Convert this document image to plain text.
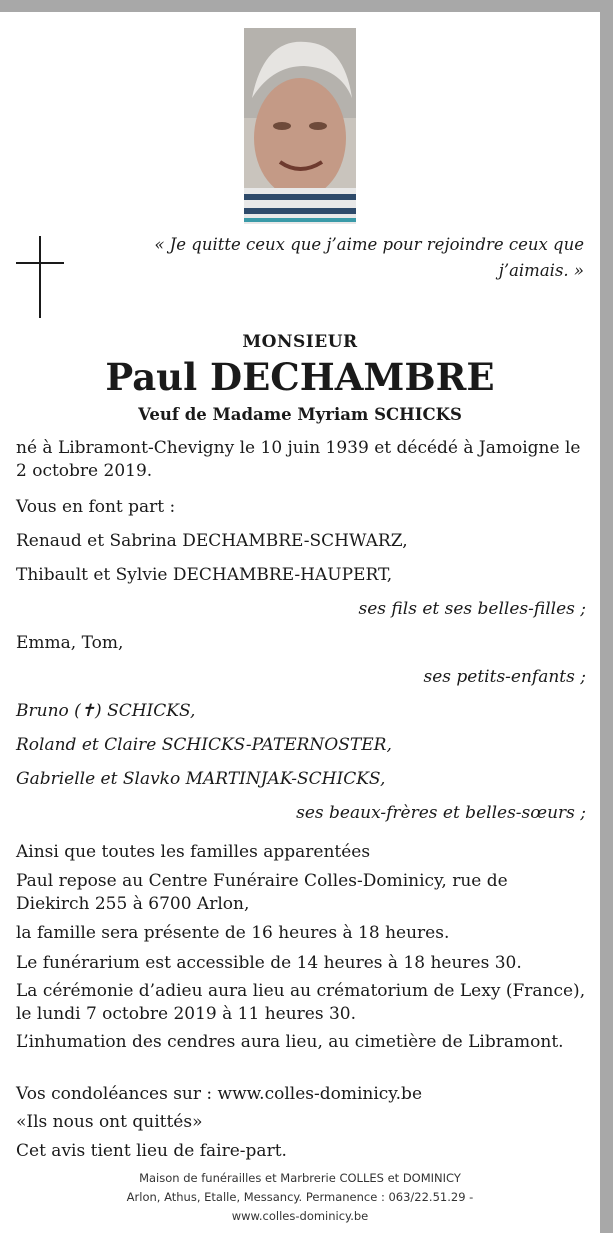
« Je quitte ceux que j’aime pour rejoindre ceux que j’aimais. »
MONSIEUR
Paul DECHAMBRE
Veuf de Madame Myriam SCHICKS
né à Libramont-Chevigny le 10 juin 1939 et décédé à Jamoigne le 2 octobre 2019.
Vous en font part :
Renaud et Sabrina DECHAMBRE-SCHWARZ,
Thibault et Sylvie DECHAMBRE-HAUPERT,
ses fils et ses belles-filles ;
Emma, Tom,
ses petits-enfants ;
Bruno (✝) SCHICKS,
Roland et Claire SCHICKS-PATERNOSTER,
Gabrielle et Slavko MARTINJAK-SCHICKS,
ses beaux-frères et belles-sœurs ;
Ainsi que toutes les familles apparentées
Paul repose au Centre Funéraire Colles-Dominicy, rue de Diekirch 255 à 6700 Arlon,
la famille sera présente de 16 heures à 18 heures.
Le funérarium est accessible de 14 heures à 18 heures 30.
La cérémonie d’adieu aura lieu au crématorium de Lexy (France), le lundi 7 octobre 2019 à 11 heures 30.
L’inhumation des cendres aura lieu, au cimetière de Libramont.
Vos condoléances sur : www.colles-dominicy.be
«Ils nous ont quittés»
Cet avis tient lieu de faire-part.
Maison de funérailles et Marbrerie COLLES et DOMINICY
Arlon, Athus, Etalle, Messancy. Permanence : 063/22.51.29 -
www.colles-dominicy.be
